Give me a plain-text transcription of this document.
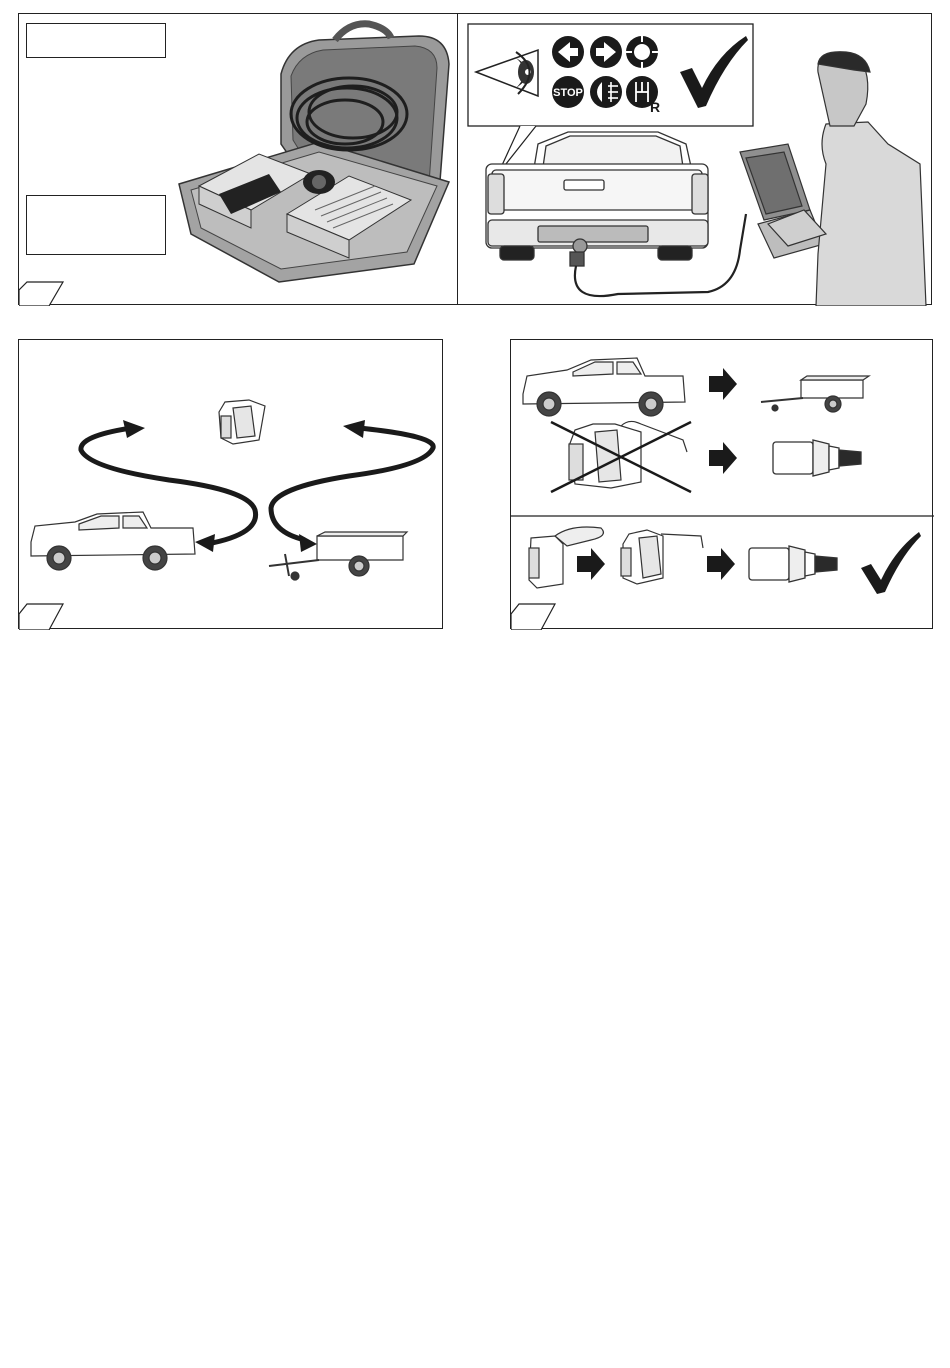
STOP
R
